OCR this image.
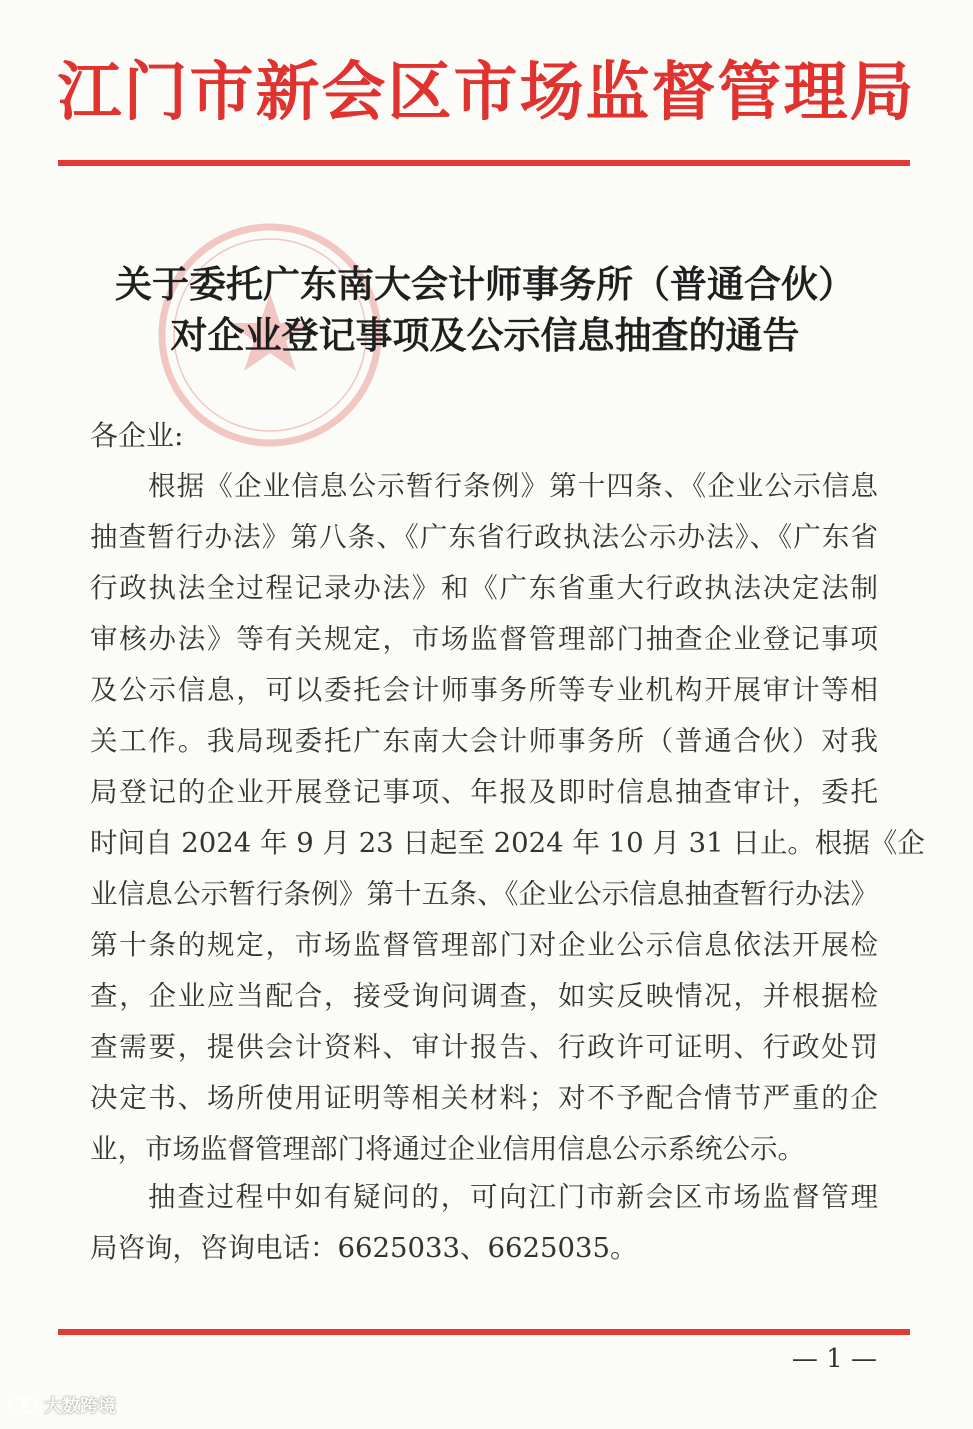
江门市新会区市场监督管理局
关于委托广东南大会计师事务所（普通合伙）
对企业登记事项及公示信息抽查的通告
各企业:
根据《企业信息公示暂行条例》第十四条、《企业公示信息
抽查暂行办法》第八条、《广东省行政执法公示办法》、《广东省
行政执法全过程记录办法》和《广东省重大行政执法决定法制
审核办法》等有关规定，市场监督管理部门抽查企业登记事项
及公示信息，可以委托会计师事务所等专业机构开展审计等相
关工作。我局现委托广东南大会计师事务所（普通合伙）对我
局登记的企业开展登记事项、年报及即时信息抽查审计，委托
时间自 2024 年 9 月 23 日起至 2024 年 10 月 31 日止。根据《企
业信息公示暂行条例》第十五条、《企业公示信息抽查暂行办法》
第十条的规定，市场监督管理部门对企业公示信息依法开展检
查，企业应当配合，接受询问调查，如实反映情况，并根据检
查需要，提供会计资料、审计报告、行政许可证明、行政处罚
决定书、场所使用证明等相关材料；对不予配合情节严重的企
业，市场监督管理部门将通过企业信用信息公示系统公示。
抽查过程中如有疑问的，可向江门市新会区市场监督管理
局咨询，咨询电话：6625033、6625035。
— 1 —
大数跨境
